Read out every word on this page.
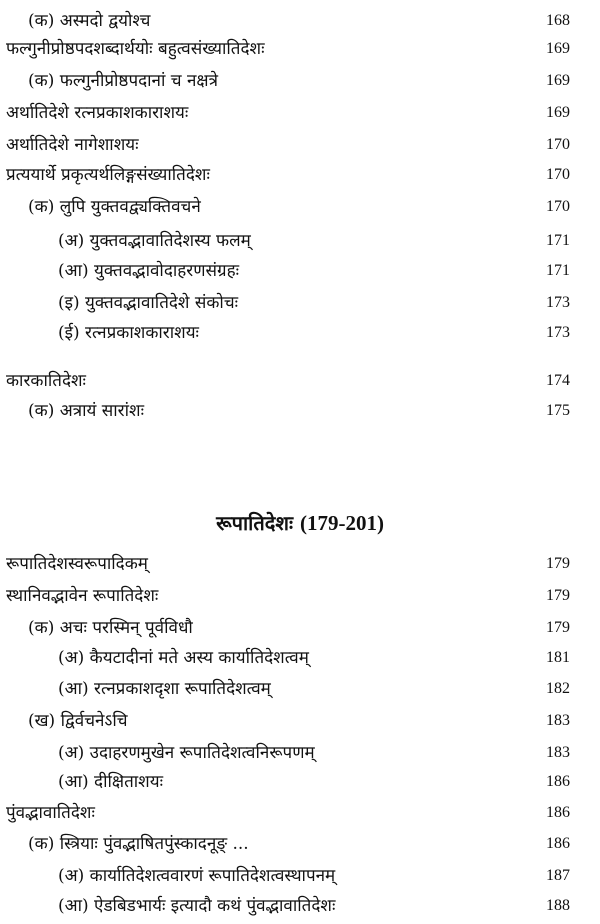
(क) अस्मदो द्वयोश्च	168
फल्गुनीप्रोष्ठपदशब्दार्थयोः बहुत्वसंख्यातिदेशः	169
(क) फल्गुनीप्रोष्ठपदानां च नक्षत्रे	169
अर्थातिदेशे रत्नप्रकाशकाराशयः	169
अर्थातिदेशे नागेशाशयः	170
प्रत्ययार्थे प्रकृत्यर्थलिङ्गसंख्यातिदेशः	170
(क) लुपि युक्तवद्व्यक्तिवचने	170
(अ) युक्तवद्भावातिदेशस्य फलम्	171
(आ) युक्तवद्भावोदाहरणसंग्रहः	171
(इ) युक्तवद्भावातिदेशे संकोचः	173
(ई) रत्नप्रकाशकाराशयः	173
कारकातिदेशः	174
(क) अत्रायं सारांशः	175
रूपातिदेशः (179-201)
रूपातिदेशस्वरूपादिकम्	179
स्थानिवद्भावेन रूपातिदेशः	179
(क) अचः परस्मिन् पूर्वविधौ	179
(अ) कैयटादीनां मते अस्य कार्यातिदेशत्वम्	181
(आ) रत्नप्रकाशदृशा रूपातिदेशत्वम्	182
(ख) द्विर्वचनेऽचि	183
(अ) उदाहरणमुखेन रूपातिदेशत्वनिरूपणम्	183
(आ) दीक्षिताशयः	186
पुंवद्भावातिदेशः	186
(क) स्त्रियाः पुंवद्भाषितपुंस्कादनूङ् ...	186
(अ) कार्यातिदेशत्ववारणं रूपातिदेशत्वस्थापनम्	187
(आ) ऐडबिडभार्यः इत्यादौ कथं पुंवद्भावातिदेशः	188
